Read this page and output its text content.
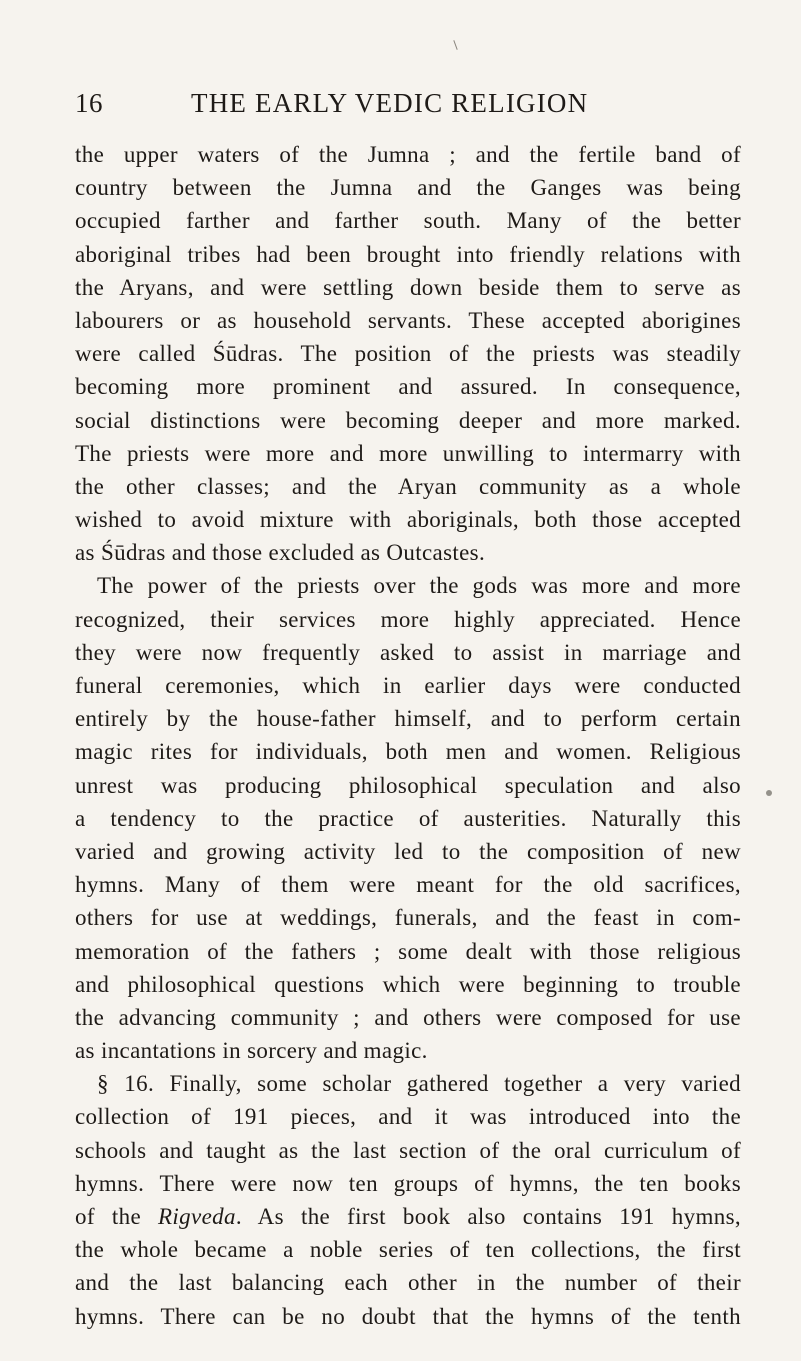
16	THE EARLY VEDIC RELIGION
the upper waters of the Jumna ; and the fertile band of
country between the Jumna and the Ganges was being
occupied farther and farther south. Many of the better
aboriginal tribes had been brought into friendly relations with
the Aryans, and were settling down beside them to serve as
labourers or as household servants. These accepted aborigines
were called Śūdras. The position of the priests was steadily
becoming more prominent and assured. In consequence,
social distinctions were becoming deeper and more marked.
The priests were more and more unwilling to intermarry with
the other classes; and the Aryan community as a whole
wished to avoid mixture with aboriginals, both those accepted
as Śūdras and those excluded as Outcastes.
The power of the priests over the gods was more and more
recognized, their services more highly appreciated. Hence
they were now frequently asked to assist in marriage and
funeral ceremonies, which in earlier days were conducted
entirely by the house-father himself, and to perform certain
magic rites for individuals, both men and women. Religious
unrest was producing philosophical speculation and also
a tendency to the practice of austerities. Naturally this
varied and growing activity led to the composition of new
hymns. Many of them were meant for the old sacrifices,
others for use at weddings, funerals, and the feast in com-
memoration of the fathers ; some dealt with those religious
and philosophical questions which were beginning to trouble
the advancing community ; and others were composed for use
as incantations in sorcery and magic.
§ 16. Finally, some scholar gathered together a very varied
collection of 191 pieces, and it was introduced into the
schools and taught as the last section of the oral curriculum of
hymns. There were now ten groups of hymns, the ten books
of the Rigveda. As the first book also contains 191 hymns,
the whole became a noble series of ten collections, the first
and the last balancing each other in the number of their
hymns. There can be no doubt that the hymns of the tenth
